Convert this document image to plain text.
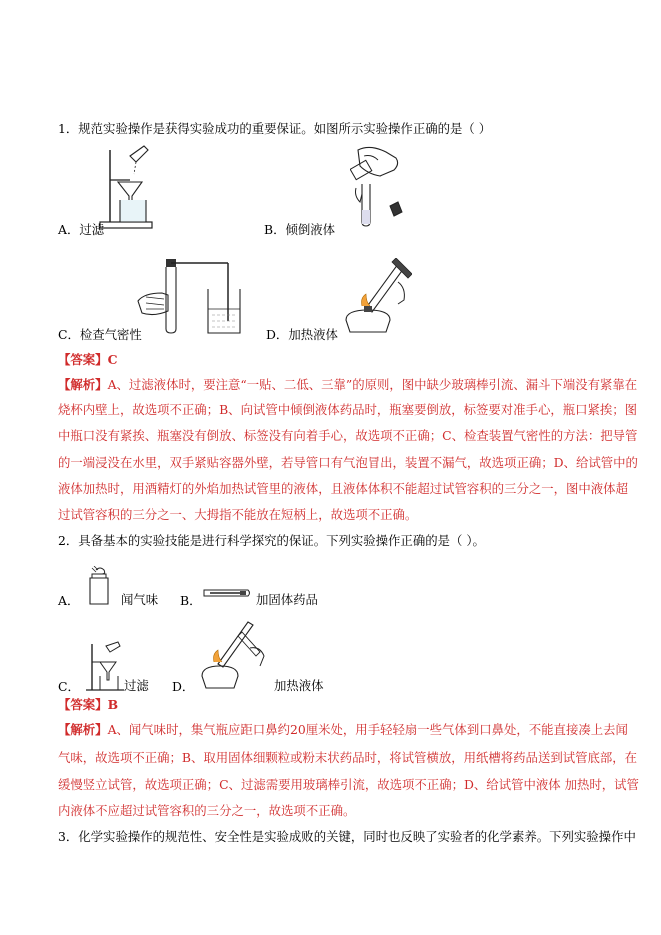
1．规范实验操作是获得实验成功的重要保证。如图所示实验操作正确的是（ ）
A．过滤	B．倾倒液体
C．检查气密性	D．加热液体
【答案】C
【解析】A、过滤液体时，要注意“一贴、二低、三靠”的原则，图中缺少玻璃棒引流、漏斗下端没有紧靠在
烧杯内壁上，故选项不正确；B、向试管中倾倒液体药品时，瓶塞要倒放，标签要对准手心，瓶口紧挨；图
中瓶口没有紧挨、瓶塞没有倒放、标签没有向着手心，故选项不正确；C、检查装置气密性的方法：把导管
的一端浸没在水里，双手紧贴容器外壁，若导管口有气泡冒出，装置不漏气，故选项正确；D、给试管中的
液体加热时，用酒精灯的外焰加热试管里的液体，且液体体积不能超过试管容积的三分之一，图中液体超
过试管容积的三分之一、大拇指不能放在短柄上，故选项不正确。
2．具备基本的实验技能是进行科学探究的保证。下列实验操作正确的是（ ）。
A．	闻气味 B．	加固体药品
C．	过滤 D．	加热液体
【答案】B
【解析】A、闻气味时，集气瓶应距口鼻约20厘米处，用手轻轻扇一些气体到口鼻处，不能直接凑上去闻
气味，故选项不正确；B、取用固体细颗粒或粉末状药品时，将试管横放，用纸槽将药品送到试管底部，在
缓慢竖立试管，故选项正确；C、过滤需要用玻璃棒引流，故选项不正确；D、给试管中液体 加热时，试管
内液体不应超过试管容积的三分之一，故选项不正确。
3．化学实验操作的规范性、安全性是实验成败的关键，同时也反映了实验者的化学素养。下列实验操作中
